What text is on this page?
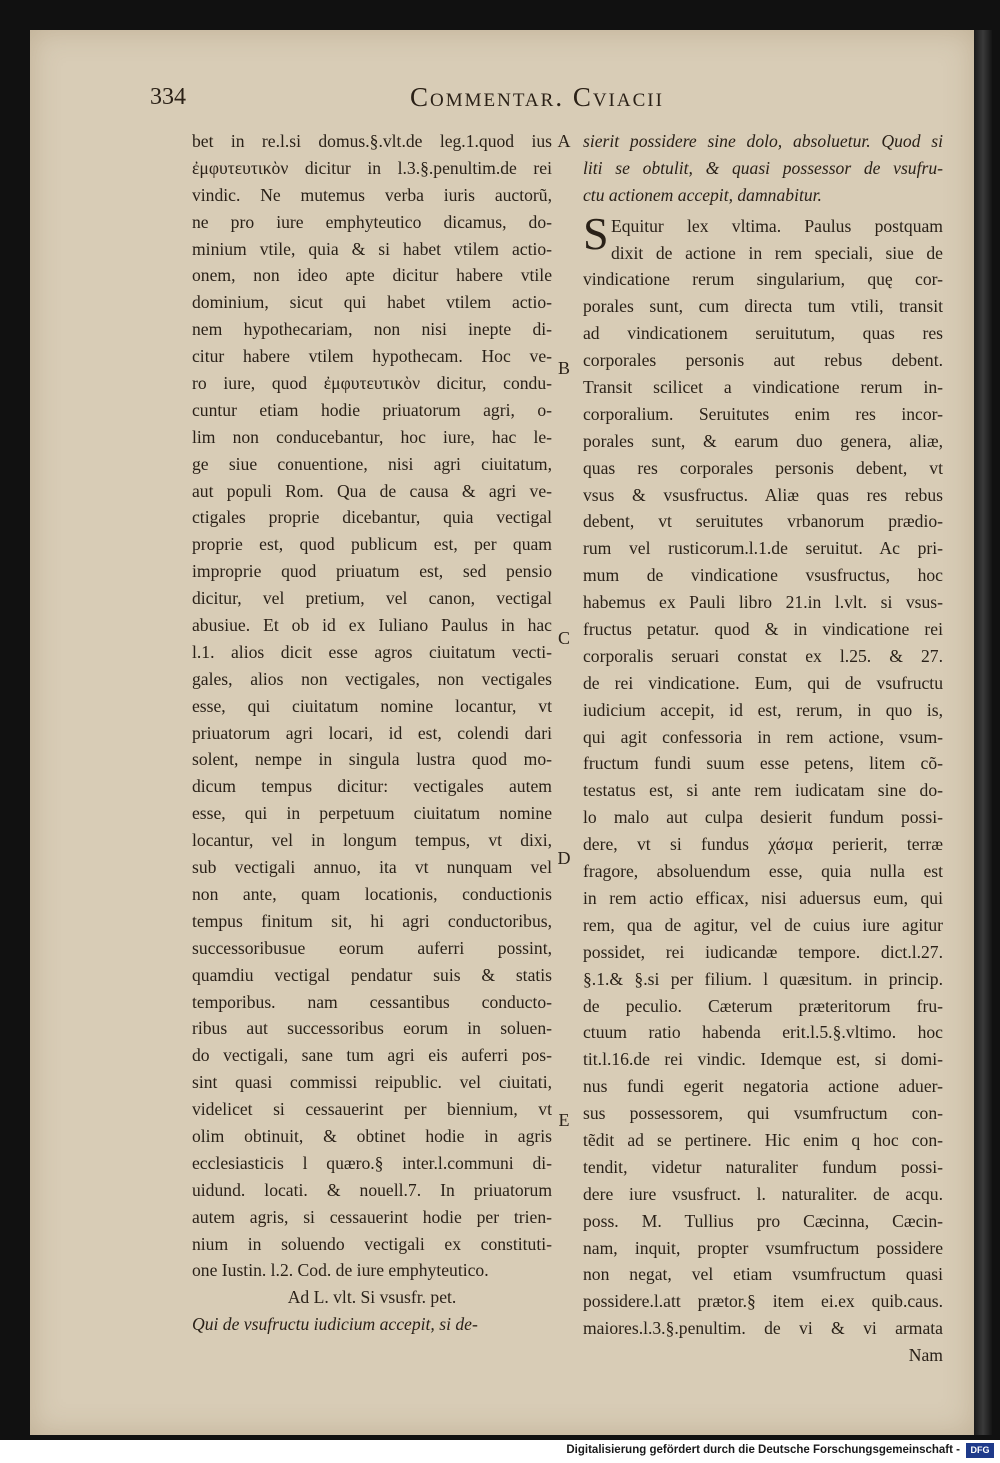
334	Commentar. Cviacii
bet in re.l.si domus.§.vlt.de leg.1.quod ius
ἐμφυτευτικὸν dicitur in l.3.§.penultim.de rei
vindic. Ne mutemus verba iuris auctorũ,
ne pro iure emphyteutico dicamus, do-
minium vtile, quia & si habet vtilem actio-
onem, non ideo apte dicitur habere vtile
dominium, sicut qui habet vtilem actio-
nem hypothecariam, non nisi inepte di-
citur habere vtilem hypothecam. Hoc ve-
ro iure, quod ἐμφυτευτικὸν dicitur, condu-
cuntur etiam hodie priuatorum agri, o-
lim non conducebantur, hoc iure, hac le-
ge siue conuentione, nisi agri ciuitatum,
aut populi Rom. Qua de causa & agri ve-
ctigales proprie dicebantur, quia vectigal
proprie est, quod publicum est, per quam
improprie quod priuatum est, sed pensio
dicitur, vel pretium, vel canon, vectigal
abusiue. Et ob id ex Iuliano Paulus in hac
l.1. alios dicit esse agros ciuitatum vecti-
gales, alios non vectigales, non vectigales
esse, qui ciuitatum nomine locantur, vt
priuatorum agri locari, id est, colendi dari
solent, nempe in singula lustra quod mo-
dicum tempus dicitur: vectigales autem
esse, qui in perpetuum ciuitatum nomine
locantur, vel in longum tempus, vt dixi,
sub vectigali annuo, ita vt nunquam vel
non ante, quam locationis, conductionis
tempus finitum sit, hi agri conductoribus,
successoribusue eorum auferri possint,
quamdiu vectigal pendatur suis & statis
temporibus. nam cessantibus conducto-
ribus aut successoribus eorum in soluen-
do vectigali, sane tum agri eis auferri pos-
sint quasi commissi reipublic. vel ciuitati,
videlicet si cessauerint per biennium, vt
olim obtinuit, & obtinet hodie in agris
ecclesiasticis l quæro.§ inter.l.communi di-
uidund. locati. & nouell.7. In priuatorum
autem agris, si cessauerint hodie per trien-
nium in soluendo vectigali ex constituti-
one Iustin. l.2. Cod. de iure emphyteutico.
Ad L. vlt. Si vsusfr. pet.
Qui de vsufructu iudicium accepit, si de-
sierit possidere sine dolo, absoluetur. Quod si
liti se obtulit, & quasi possessor de vsufru-
ctu actionem accepit, damnabitur.
S Equitur lex vltima. Paulus postquam
dixit de actione in rem speciali, siue de
vindicatione rerum singularium, quę cor-
porales sunt, cum directa tum vtili, transit
ad vindicationem seruitutum, quas res
corporales personis aut rebus debent.
Transit scilicet a vindicatione rerum in-
corporalium. Seruitutes enim res incor-
porales sunt, & earum duo genera, aliæ,
quas res corporales personis debent, vt
vsus & vsusfructus. Aliæ quas res rebus
debent, vt seruitutes vrbanorum prædio-
rum vel rusticorum.l.1.de seruitut. Ac pri-
mum de vindicatione vsusfructus, hoc
habemus ex Pauli libro 21.in l.vlt. si vsus-
fructus petatur. quod & in vindicatione rei
corporalis seruari constat ex l.25. & 27.
de rei vindicatione. Eum, qui de vsufructu
iudicium accepit, id est, rerum, in quo is,
qui agit confessoria in rem actione, vsum-
fructum fundi suum esse petens, litem cõ-
testatus est, si ante rem iudicatam sine do-
lo malo aut culpa desierit fundum possi-
dere, vt si fundus χάσμα perierit, terræ
fragore, absoluendum esse, quia nulla est
in rem actio efficax, nisi aduersus eum, qui
rem, qua de agitur, vel de cuius iure agitur
possidet, rei iudicandæ tempore. dict.l.27.
§.1.& §.si per filium. l quæsitum. in princip.
de peculio. Cæterum præteritorum fru-
ctuum ratio habenda erit.l.5.§.vltimo. hoc
tit.l.16.de rei vindic. Idemque est, si domi-
nus fundi egerit negatoria actione aduer-
sus possessorem, qui vsumfructum con-
tẽdit ad se pertinere. Hic enim q hoc con-
tendit, videtur naturaliter fundum possi-
dere iure vsusfruct. l. naturaliter. de acqu.
poss. M. Tullius pro Cæcinna, Cæcin-
nam, inquit, propter vsumfructum possidere
non negat, vel etiam vsumfructum quasi
possidere.l.att prætor.§ item ei.ex quib.caus.
maiores.l.3.§.penultim. de vi & vi armata
Nam
A
B
C
D
E
Digitalisierung gefördert durch die Deutsche Forschungsgemeinschaft -	DFG
